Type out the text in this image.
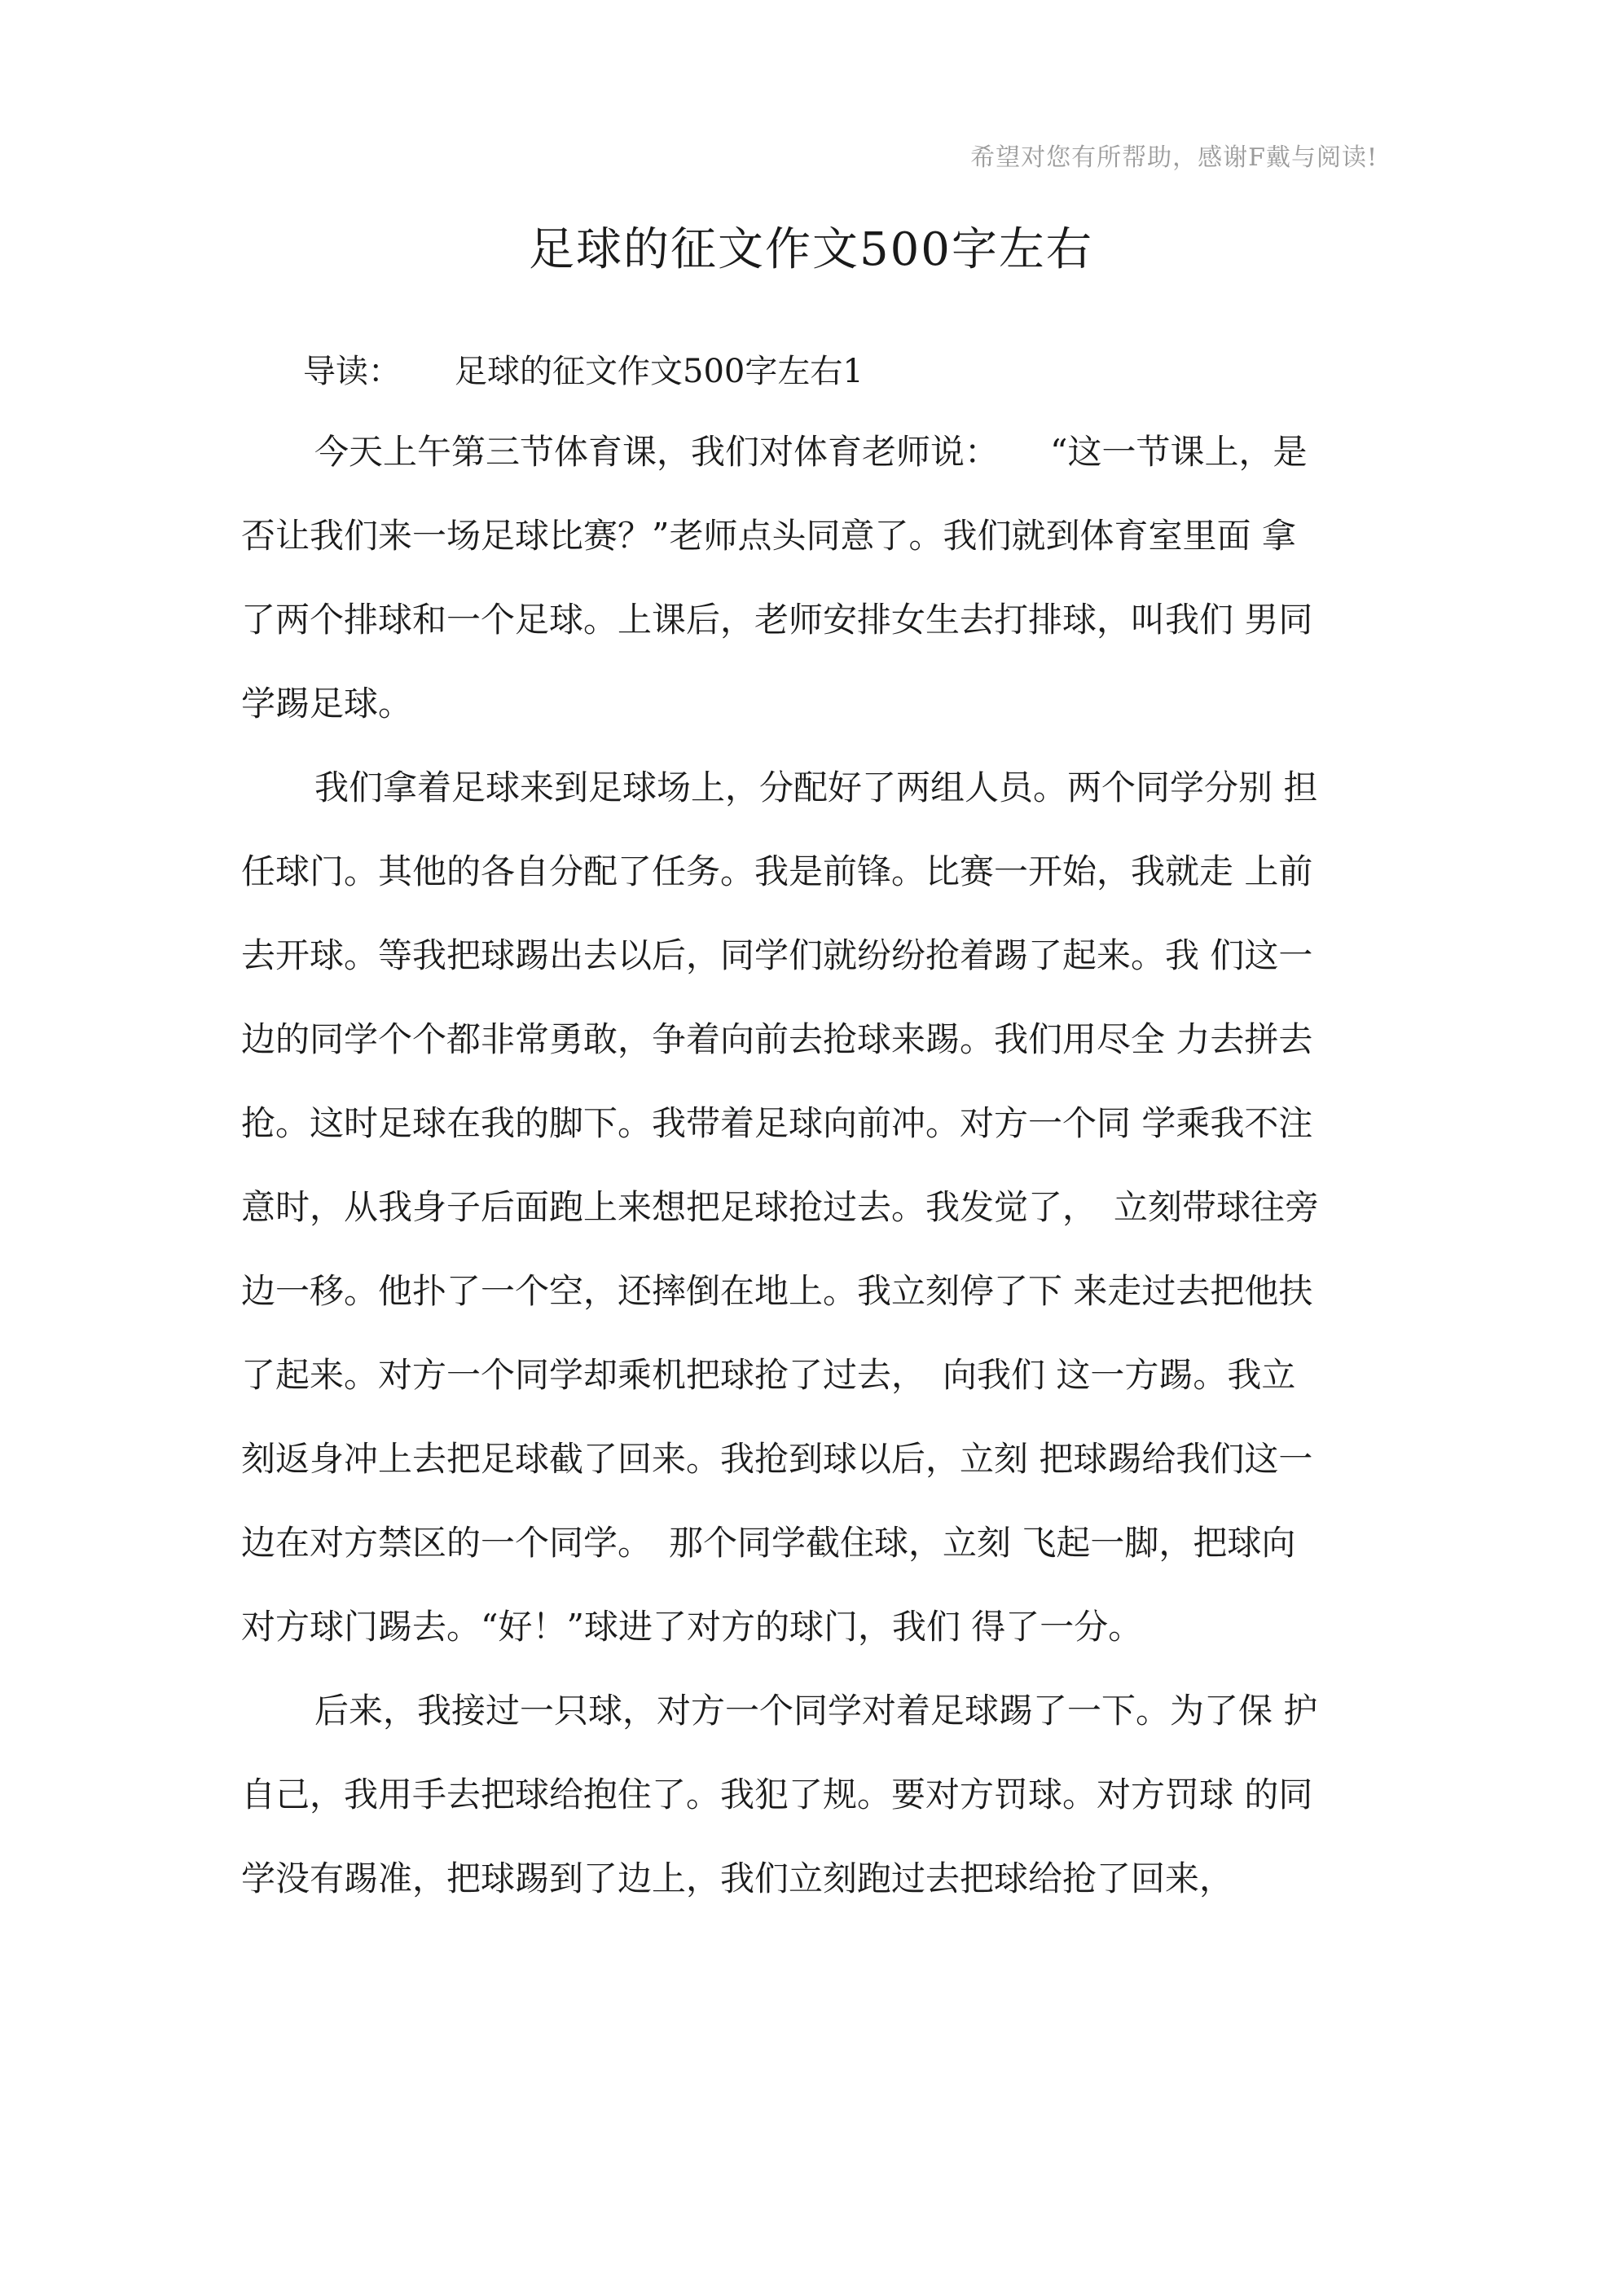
希望对您有所帮助，感谢F戴与阅读!
足球的征文作文500字左右
导读： 足球的征文作文500字左右1
今天上午第三节体育课，我们对体育老师说：　　“这一节课上，是
否让我们来一场足球比赛？”老师点头同意了。我们就到体育室里面 拿
了两个排球和一个足球。上课后，老师安排女生去打排球，叫我们 男同
学踢足球。
我们拿着足球来到足球场上，分配好了两组人员。两个同学分别 担
任球门。其他的各自分配了任务。我是前锋。比赛一开始，我就走 上前
去开球。等我把球踢出去以后，同学们就纷纷抢着踢了起来。我 们这一
边的同学个个都非常勇敢，争着向前去抢球来踢。我们用尽全 力去拼去
抢。这时足球在我的脚下。我带着足球向前冲。对方一个同 学乘我不注
意时，从我身子后面跑上来想把足球抢过去。我发觉了，　立刻带球往旁
边一移。他扑了一个空，还摔倒在地上。我立刻停了下 来走过去把他扶
了起来。对方一个同学却乘机把球抢了过去，　向我们 这一方踢。我立
刻返身冲上去把足球截了回来。我抢到球以后，立刻 把球踢给我们这一
边在对方禁区的一个同学。　那个同学截住球，立刻 飞起一脚，把球向
对方球门踢去。“好！”球进了对方的球门，我们 得了一分。
后来，我接过一只球，对方一个同学对着足球踢了一下。为了保 护
自己，我用手去把球给抱住了。我犯了规。要对方罚球。对方罚球 的同
学没有踢准，把球踢到了边上，我们立刻跑过去把球给抢了回来，
